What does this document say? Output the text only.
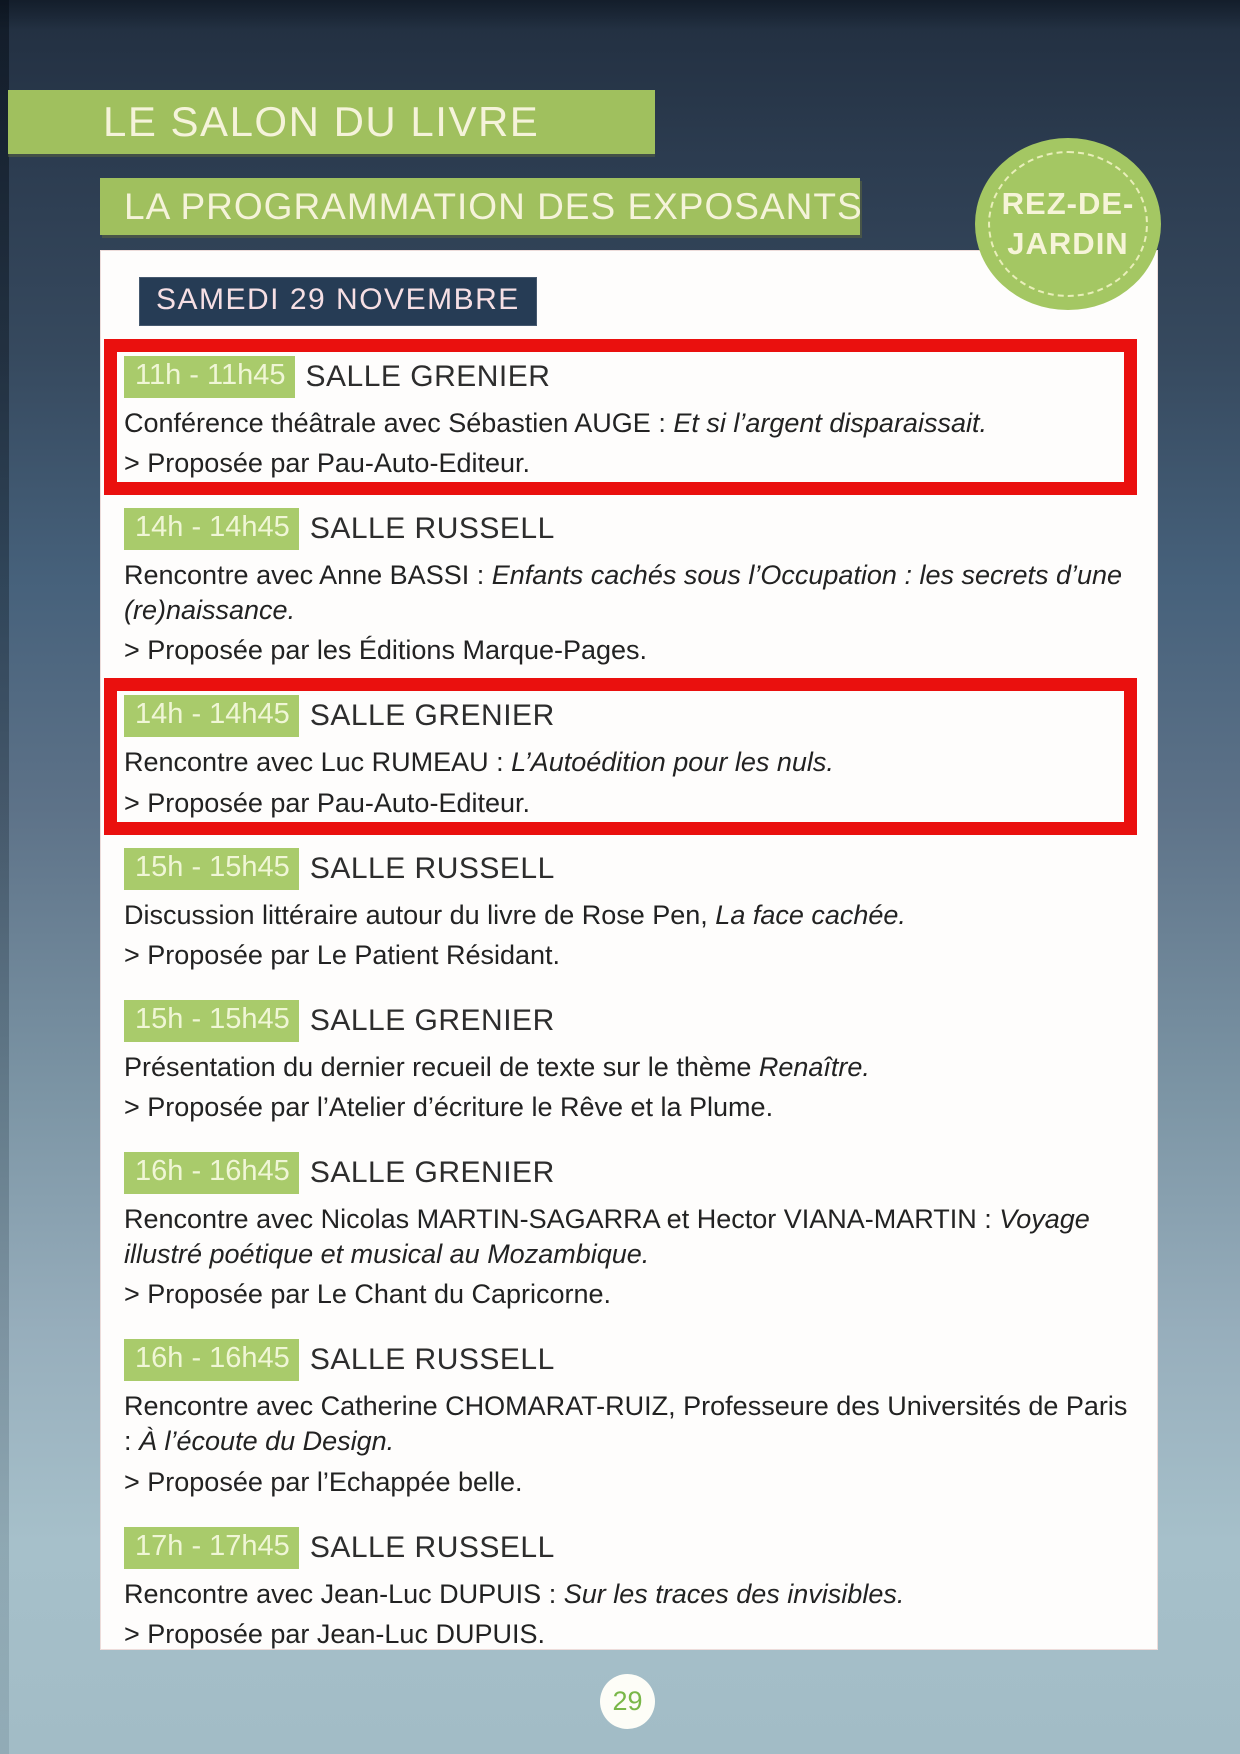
LE SALON DU LIVRE
LA PROGRAMMATION DES EXPOSANTS	REZ-DE-
JARDIN
SAMEDI 29 NOVEMBRE
11h - 11h45 SALLE GRENIER

Conférence théâtrale avec Sébastien AUGE : Et si l’argent disparaissait.

> Proposée par Pau-Auto-Editeur.

14h - 14h45 SALLE RUSSELL

Rencontre avec Anne BASSI : Enfants cachés sous l’Occupation : les secrets d’une (re)naissance.

> Proposée par les Éditions Marque-Pages.

14h - 14h45 SALLE GRENIER

Rencontre avec Luc RUMEAU : L’Autoédition pour les nuls.

> Proposée par Pau-Auto-Editeur.

15h - 15h45 SALLE RUSSELL

Discussion littéraire autour du livre de Rose Pen, La face cachée.

> Proposée par Le Patient Résidant.

15h - 15h45 SALLE GRENIER

Présentation du dernier recueil de texte sur le thème Renaître.

> Proposée par l’Atelier d’écriture le Rêve et la Plume.

16h - 16h45 SALLE GRENIER

Rencontre avec Nicolas MARTIN-SAGARRA et Hector VIANA-MARTIN : Voyage illustré poétique et musical au Mozambique.

> Proposée par Le Chant du Capricorne.

16h - 16h45 SALLE RUSSELL

Rencontre avec Catherine CHOMARAT-RUIZ, Professeure des Universités de Paris : À l’écoute du Design.

> Proposée par l’Echappée belle.

17h - 17h45 SALLE RUSSELL

Rencontre avec Jean-Luc DUPUIS : Sur les traces des invisibles.

> Proposée par Jean-Luc DUPUIS.

29
